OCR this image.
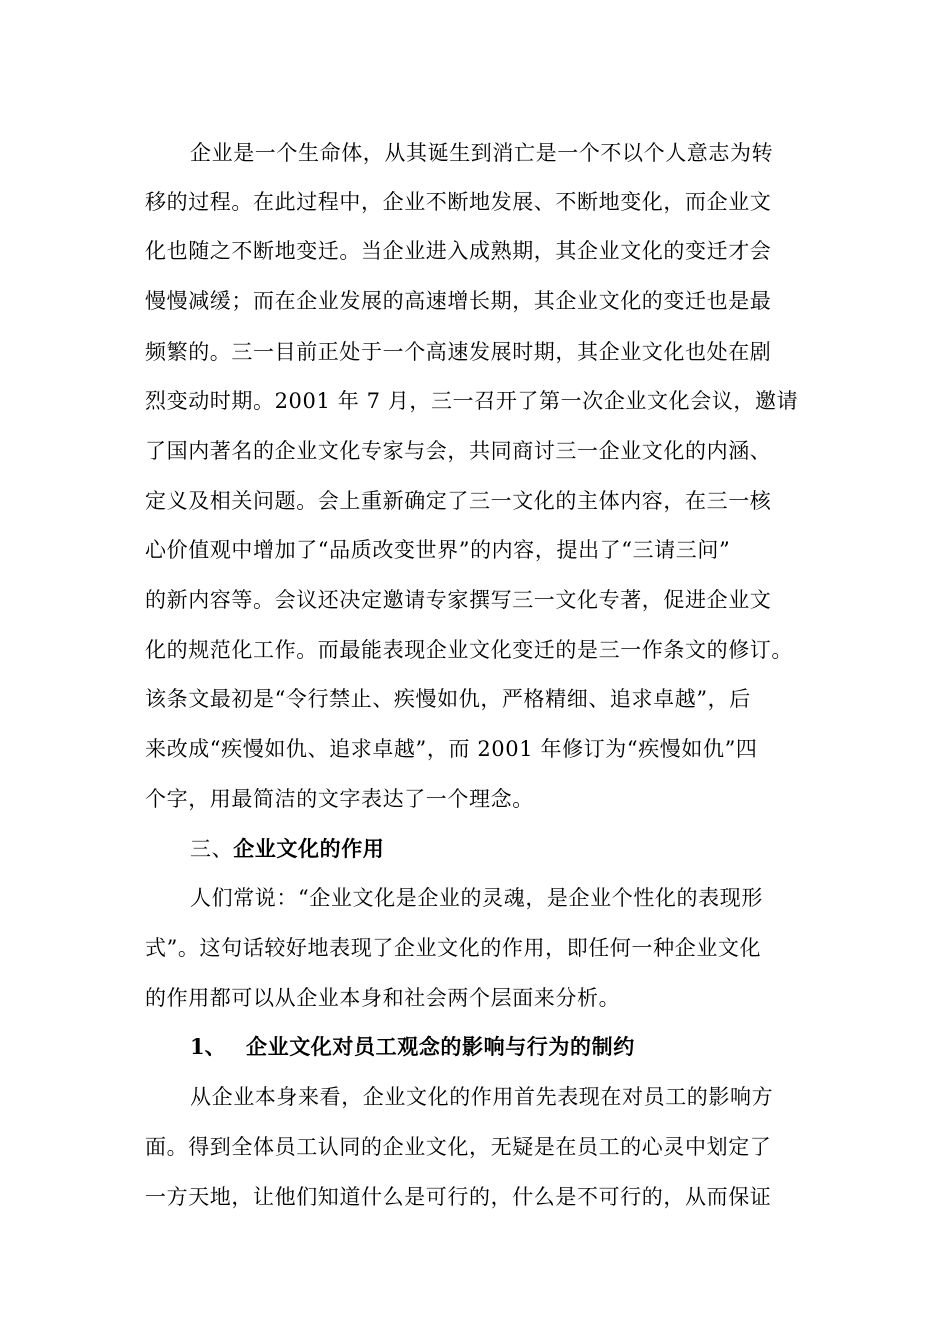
企业是一个生命体，从其诞生到消亡是一个不以个人意志为转
移的过程。在此过程中，企业不断地发展、不断地变化，而企业文
化也随之不断地变迁。当企业进入成熟期，其企业文化的变迁才会
慢慢减缓；而在企业发展的高速增长期，其企业文化的变迁也是最
频繁的。三一目前正处于一个高速发展时期，其企业文化也处在剧
烈变动时期。2001 年 7 月，三一召开了第一次企业文化会议，邀请
了国内著名的企业文化专家与会，共同商讨三一企业文化的内涵、
定义及相关问题。会上重新确定了三一文化的主体内容，在三一核
心价值观中增加了“品质改变世界”的内容，提出了“三请三问”
的新内容等。会议还决定邀请专家撰写三一文化专著，促进企业文
化的规范化工作。而最能表现企业文化变迁的是三一作条文的修订。
该条文最初是“令行禁止、疾慢如仇，严格精细、追求卓越”，后
来改成“疾慢如仇、追求卓越”，而 2001 年修订为“疾慢如仇”四
个字，用最简洁的文字表达了一个理念。
三、企业文化的作用
人们常说：“企业文化是企业的灵魂，是企业个性化的表现形
式”。这句话较好地表现了企业文化的作用，即任何一种企业文化
的作用都可以从企业本身和社会两个层面来分析。
1、 企业文化对员工观念的影响与行为的制约
从企业本身来看，企业文化的作用首先表现在对员工的影响方
面。得到全体员工认同的企业文化，无疑是在员工的心灵中划定了
一方天地，让他们知道什么是可行的，什么是不可行的，从而保证
